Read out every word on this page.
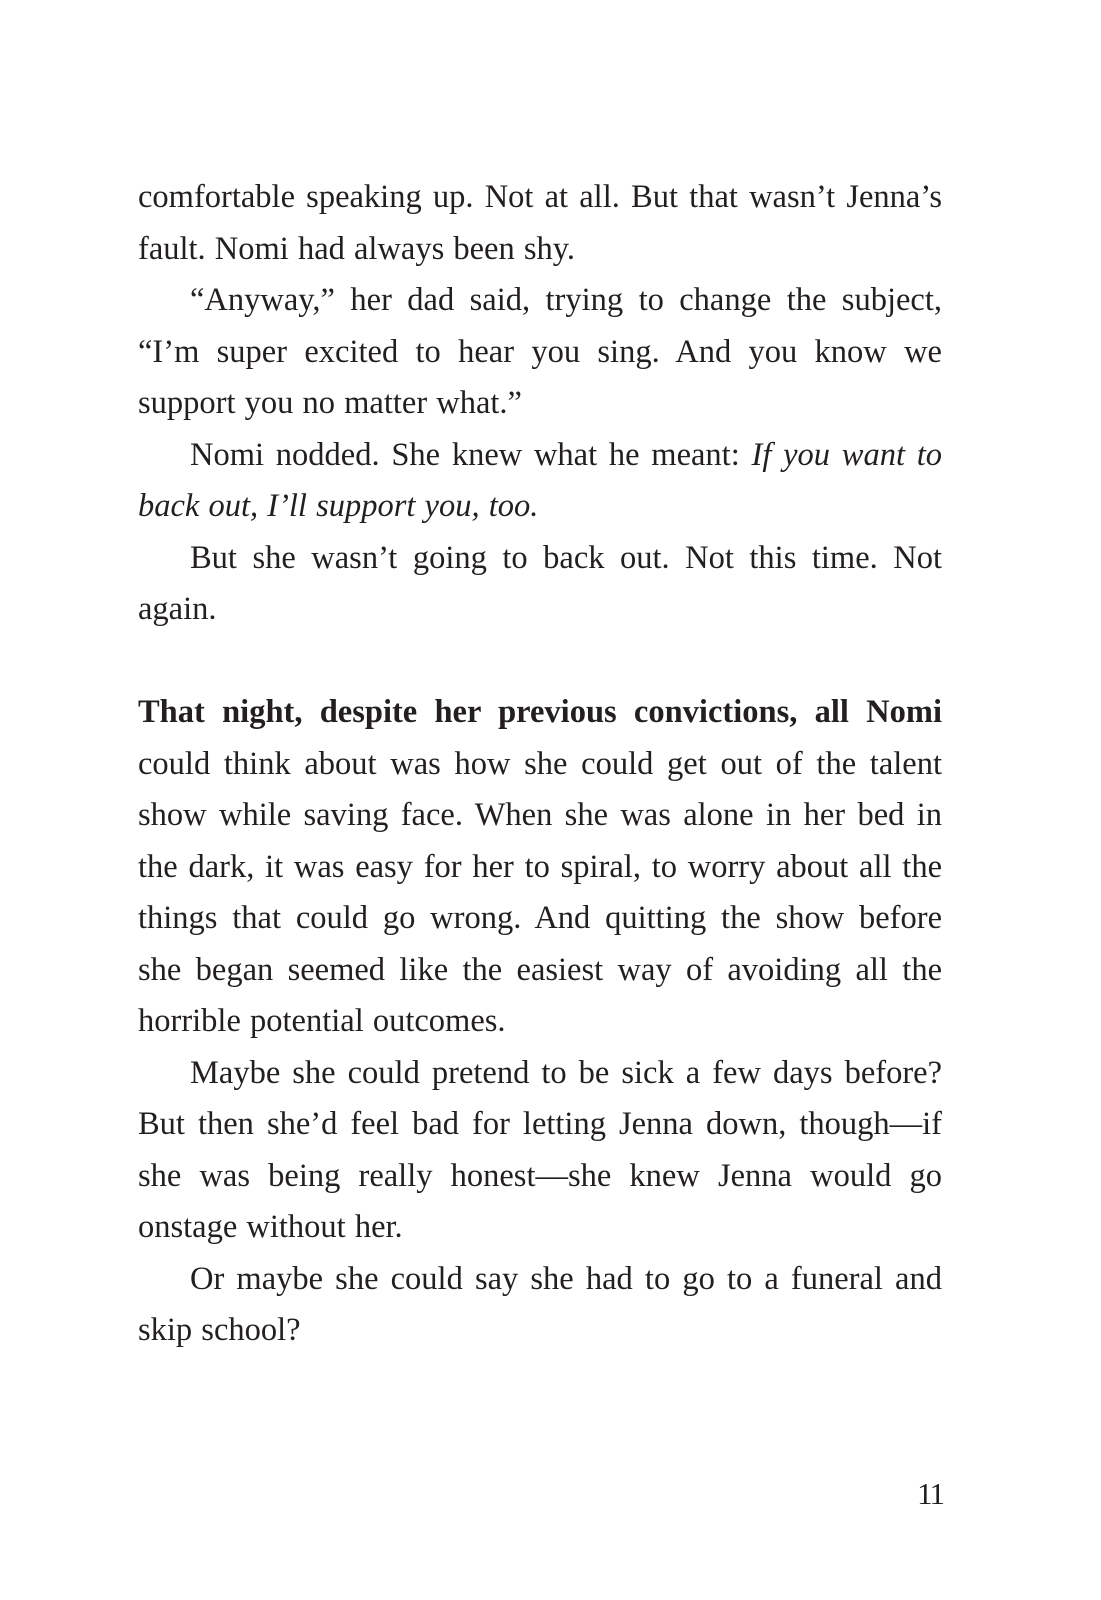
comfortable speaking up. Not at all. But that wasn’t Jenna’s fault. Nomi had always been shy.

“Anyway,” her dad said, trying to change the subject, “I’m super excited to hear you sing. And you know we support you no matter what.”

Nomi nodded. She knew what he meant: If you want to back out, I’ll support you, too.

But she wasn’t going to back out. Not this time. Not again.

That night, despite her previous convictions, all Nomi could think about was how she could get out of the talent show while saving face. When she was alone in her bed in the dark, it was easy for her to spiral, to worry about all the things that could go wrong. And quitting the show before she began seemed like the easiest way of avoiding all the horrible potential outcomes.

Maybe she could pretend to be sick a few days before? But then she’d feel bad for letting Jenna down, though—if she was being really honest—she knew Jenna would go onstage without her.

Or maybe she could say she had to go to a funeral and skip school?

11
